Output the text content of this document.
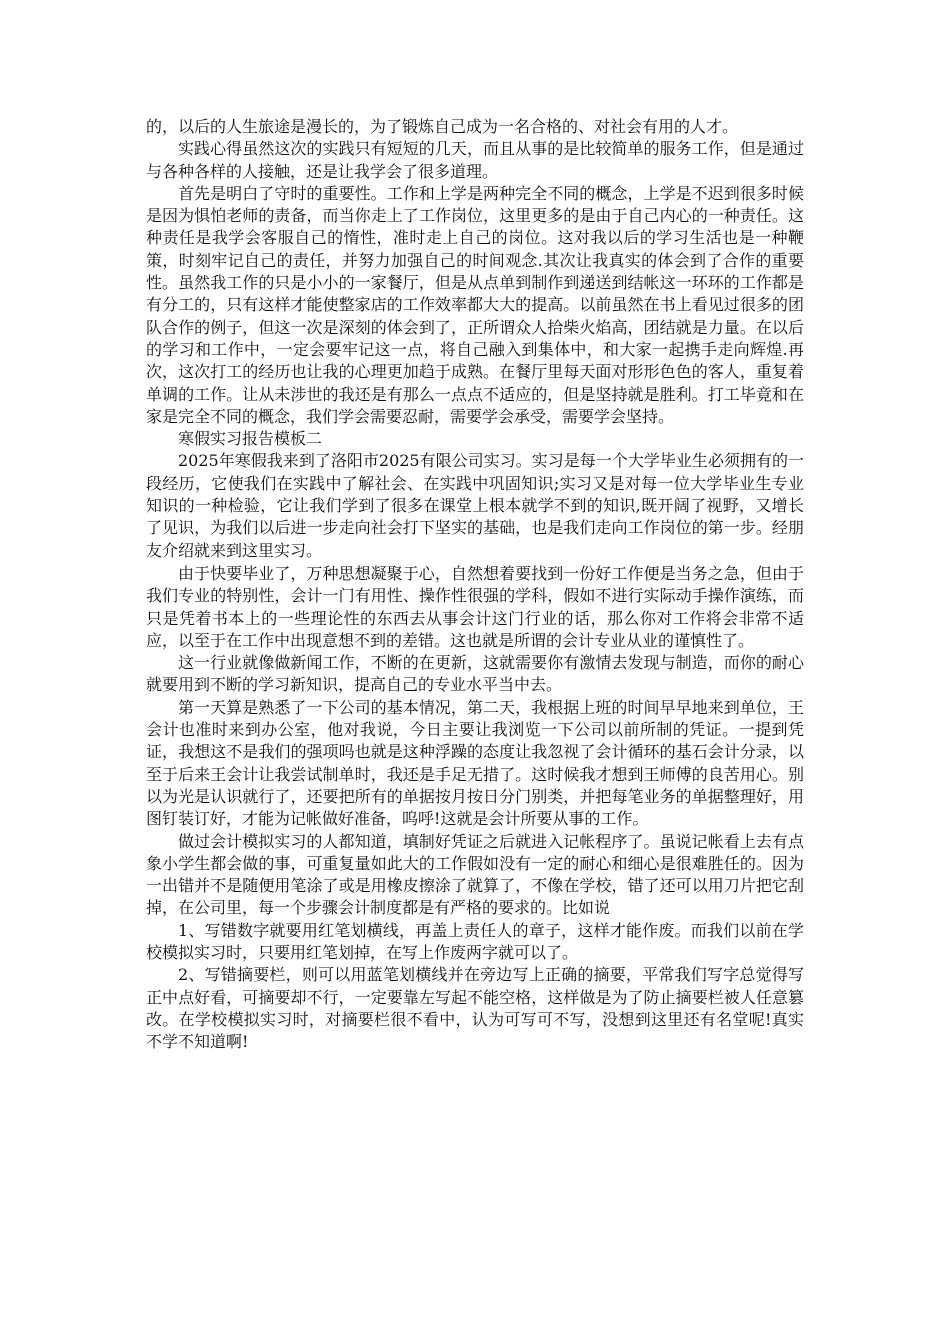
的，以后的人生旅途是漫长的，为了锻炼自己成为一名合格的、对社会有用的人才。

实践心得虽然这次的实践只有短短的几天，而且从事的是比较简单的服务工作，但是通过与各种各样的人接触，还是让我学会了很多道理。

首先是明白了守时的重要性。工作和上学是两种完全不同的概念，上学是不迟到很多时候是因为惧怕老师的责备，而当你走上了工作岗位，这里更多的是由于自己内心的一种责任。这种责任是我学会客服自己的惰性，准时走上自己的岗位。这对我以后的学习生活也是一种鞭策，时刻牢记自己的责任，并努力加强自己的时间观念.其次让我真实的体会到了合作的重要性。虽然我工作的只是小小的一家餐厅，但是从点单到制作到递送到结帐这一环环的工作都是有分工的，只有这样才能使整家店的工作效率都大大的提高。以前虽然在书上看见过很多的团队合作的例子，但这一次是深刻的体会到了，正所谓众人拾柴火焰高，团结就是力量。在以后的学习和工作中，一定会要牢记这一点，将自己融入到集体中，和大家一起携手走向辉煌.再次，这次打工的经历也让我的心理更加趋于成熟。在餐厅里每天面对形形色色的客人，重复着单调的工作。让从未涉世的我还是有那么一点点不适应的，但是坚持就是胜利。打工毕竟和在家是完全不同的概念，我们学会需要忍耐，需要学会承受，需要学会坚持。

寒假实习报告模板二

2025年寒假我来到了洛阳市2025有限公司实习。实习是每一个大学毕业生必须拥有的一段经历，它使我们在实践中了解社会、在实践中巩固知识;实习又是对每一位大学毕业生专业知识的一种检验，它让我们学到了很多在课堂上根本就学不到的知识,既开阔了视野，又增长了见识，为我们以后进一步走向社会打下坚实的基础，也是我们走向工作岗位的第一步。经朋友介绍就来到这里实习。

由于快要毕业了，万种思想凝聚于心，自然想着要找到一份好工作便是当务之急，但由于我们专业的特别性，会计一门有用性、操作性很强的学科，假如不进行实际动手操作演练，而只是凭着书本上的一些理论性的东西去从事会计这门行业的话，那么你对工作将会非常不适应，以至于在工作中出现意想不到的差错。这也就是所谓的会计专业从业的谨慎性了。

这一行业就像做新闻工作，不断的在更新，这就需要你有激情去发现与制造，而你的耐心就要用到不断的学习新知识，提高自己的专业水平当中去。

第一天算是熟悉了一下公司的基本情况，第二天，我根据上班的时间早早地来到单位，王会计也准时来到办公室，他对我说，今日主要让我浏览一下公司以前所制的凭证。一提到凭证，我想这不是我们的强项吗也就是这种浮躁的态度让我忽视了会计循环的基石会计分录，以至于后来王会计让我尝试制单时，我还是手足无措了。这时候我才想到王师傅的良苦用心。别以为光是认识就行了，还要把所有的单据按月按日分门别类，并把每笔业务的单据整理好，用图钉装订好，才能为记帐做好准备，呜呼!这就是会计所要从事的工作。

做过会计模拟实习的人都知道，填制好凭证之后就进入记帐程序了。虽说记帐看上去有点象小学生都会做的事，可重复量如此大的工作假如没有一定的耐心和细心是很难胜任的。因为一出错并不是随便用笔涂了或是用橡皮擦涂了就算了，不像在学校，错了还可以用刀片把它刮掉，在公司里，每一个步骤会计制度都是有严格的要求的。比如说

1、写错数字就要用红笔划横线，再盖上责任人的章子，这样才能作废。而我们以前在学校模拟实习时，只要用红笔划掉，在写上作废两字就可以了。

2、写错摘要栏，则可以用蓝笔划横线并在旁边写上正确的摘要，平常我们写字总觉得写正中点好看，可摘要却不行，一定要靠左写起不能空格，这样做是为了防止摘要栏被人任意篡改。在学校模拟实习时，对摘要栏很不看中，认为可写可不写，没想到这里还有名堂呢!真实不学不知道啊!
